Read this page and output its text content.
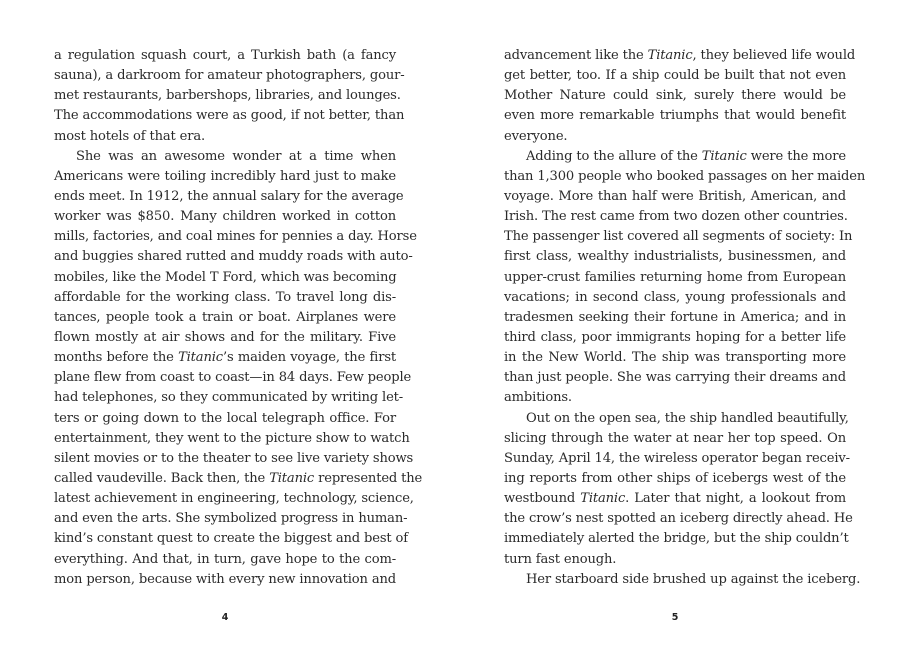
a regulation squash court, a Turkish bath (a fancy
sauna), a darkroom for amateur photographers, gour-
met restaurants, barbershops, libraries, and lounges.
The accommodations were as good, if not better, than
most hotels of that era.
She was an awesome wonder at a time when
Americans were toiling incredibly hard just to make
ends meet. In 1912, the annual salary for the average
worker was $850. Many children worked in cotton
mills, factories, and coal mines for pennies a day. Horse
and buggies shared rutted and muddy roads with auto-
mobiles, like the Model T Ford, which was becoming
affordable for the working class. To travel long dis-
tances, people took a train or boat. Airplanes were
flown mostly at air shows and for the military. Five
months before the Titanic’s maiden voyage, the first
plane flew from coast to coast—in 84 days. Few people
had telephones, so they communicated by writing let-
ters or going down to the local telegraph office. For
entertainment, they went to the picture show to watch
silent movies or to the theater to see live variety shows
called vaudeville. Back then, the Titanic represented the
latest achievement in engineering, technology, science,
and even the arts. She symbolized progress in human-
kind’s constant quest to create the biggest and best of
everything. And that, in turn, gave hope to the com-
mon person, because with every new innovation and
4
advancement like the Titanic, they believed life would
get better, too. If a ship could be built that not even
Mother Nature could sink, surely there would be
even more remarkable triumphs that would benefit
everyone.
Adding to the allure of the Titanic were the more
than 1,300 people who booked passages on her maiden
voyage. More than half were British, American, and
Irish. The rest came from two dozen other countries.
The passenger list covered all segments of society: In
first class, wealthy industrialists, businessmen, and
upper-crust families returning home from European
vacations; in second class, young professionals and
tradesmen seeking their fortune in America; and in
third class, poor immigrants hoping for a better life
in the New World. The ship was transporting more
than just people. She was carrying their dreams and
ambitions.
Out on the open sea, the ship handled beautifully,
slicing through the water at near her top speed. On
Sunday, April 14, the wireless operator began receiv-
ing reports from other ships of icebergs west of the
westbound Titanic. Later that night, a lookout from
the crow’s nest spotted an iceberg directly ahead. He
immediately alerted the bridge, but the ship couldn’t
turn fast enough.
Her starboard side brushed up against the iceberg.
5
